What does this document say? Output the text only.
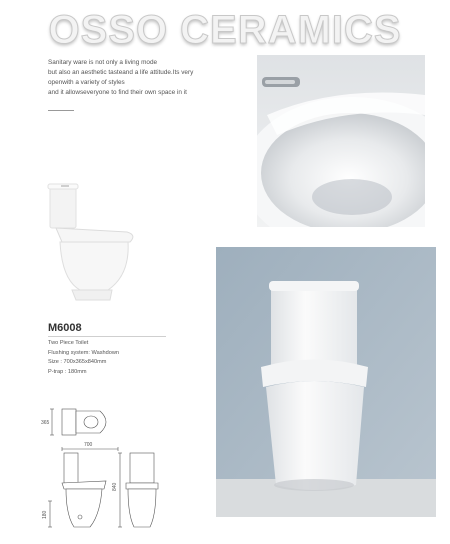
OSSO CERAMICS
Sanitary ware is not only a living mode
but also an aesthetic tasteand a life attitude.Its very
openwith a variety of styles
and it allowseveryone to find their own space in it
M6008
Two Piece Toilet
Flushing system: Washdown
Size : 700x365x840mm
P-trap : 180mm
365
700
840
180
